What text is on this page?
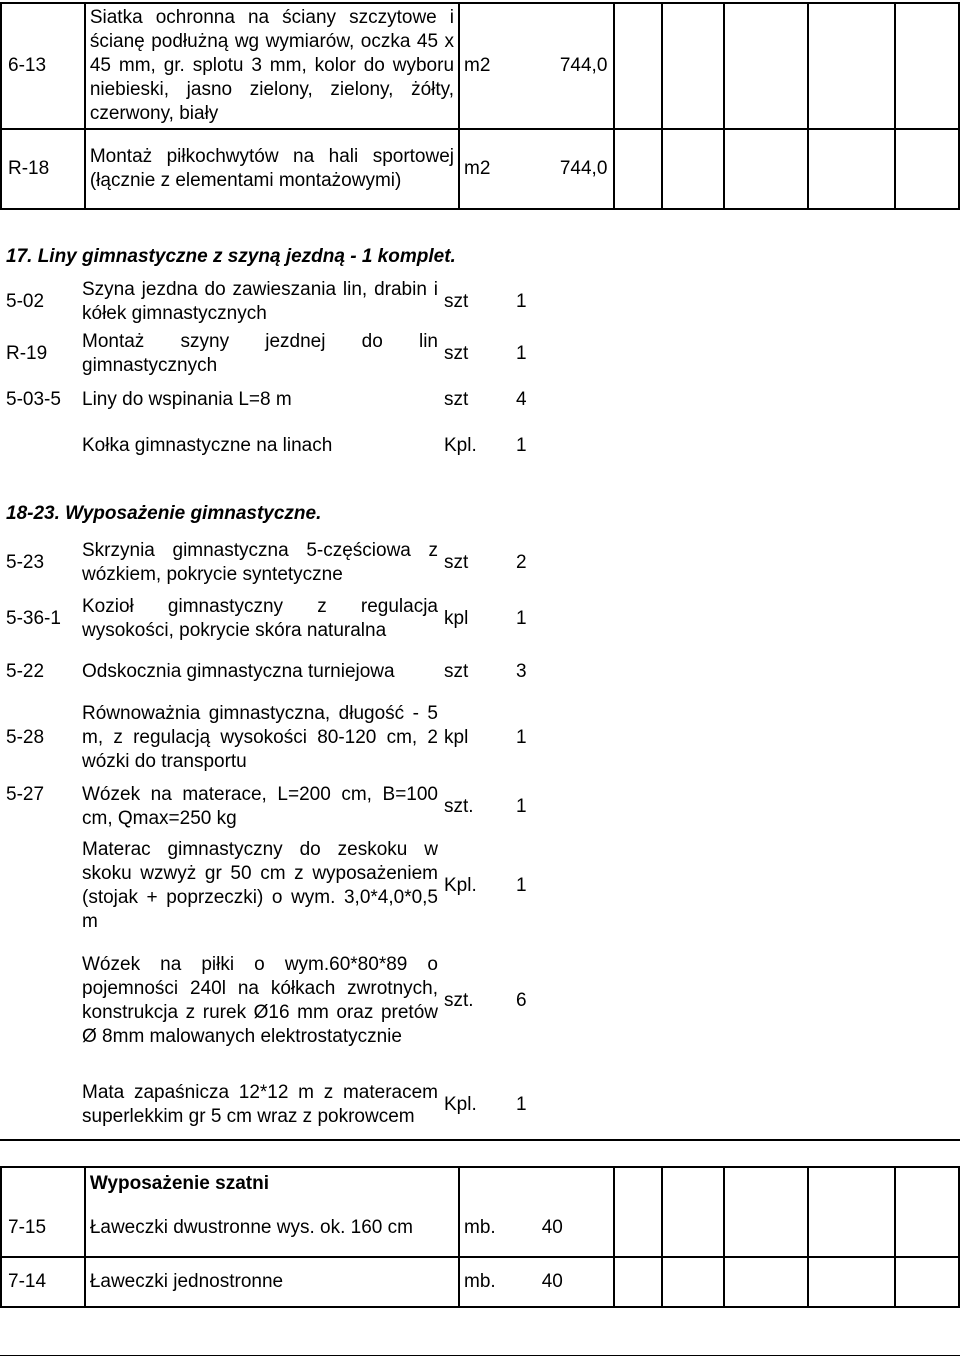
6-13	Siatka ochronna na ściany szczytowe i ścianę podłużną wg wymiarów, oczka 45 x 45 mm, gr. splotu 3 mm, kolor do wyboru niebieski, jasno zielony, zielony, żółty, czerwony, biały	m2	744,0					
R-18	Montaż piłkochwytów na hali sportowej (łącznie z elementami montażowymi)	m2	744,0					
17. Liny gimnastyczne z szyną jezdną - 1 komplet.
5-02	Szyna jezdna do zawieszania lin, drabin i kółek gimnastycznych	szt	1
R-19	Montaż szyny jezdnej do lin gimnastycznych	szt	1
5-03-5	Liny do wspinania L=8 m	szt	4
	Kołka gimnastyczne na linach	Kpl.	1
18-23. Wyposażenie gimnastyczne.
5-23	Skrzynia gimnastyczna 5-częściowa z wózkiem, pokrycie syntetyczne	szt	2
5-36-1	Kozioł gimnastyczny z regulacja wysokości, pokrycie skóra naturalna	kpl	1
5-22	Odskocznia gimnastyczna turniejowa	szt	3
5-28	Równoważnia gimnastyczna, długość - 5 m, z regulacją wysokości 80-120 cm, 2 wózki do transportu	kpl	1
5-27	Wózek na materace, L=200 cm, B=100 cm, Qmax=250 kg	szt.	1
	Materac gimnastyczny do zeskoku w skoku wzwyż gr 50 cm z wyposażeniem (stojak + poprzeczki) o wym. 3,0*4,0*0,5 m	Kpl.	1
	Wózek na piłki o wym.60*80*89 o pojemności 240l na kółkach zwrotnych, konstrukcja z rurek Ø16 mm oraz pretów Ø 8mm malowanych elektrostatycznie	szt.	6
	Mata zapaśnicza 12*12 m z materacem superlekkim gr 5 cm wraz z pokrowcem	Kpl.	1
	Wyposażenie szatni							
7-15	Ławeczki dwustronne wys. ok. 160 cm	mb.	40					
7-14	Ławeczki jednostronne	mb.	40					
